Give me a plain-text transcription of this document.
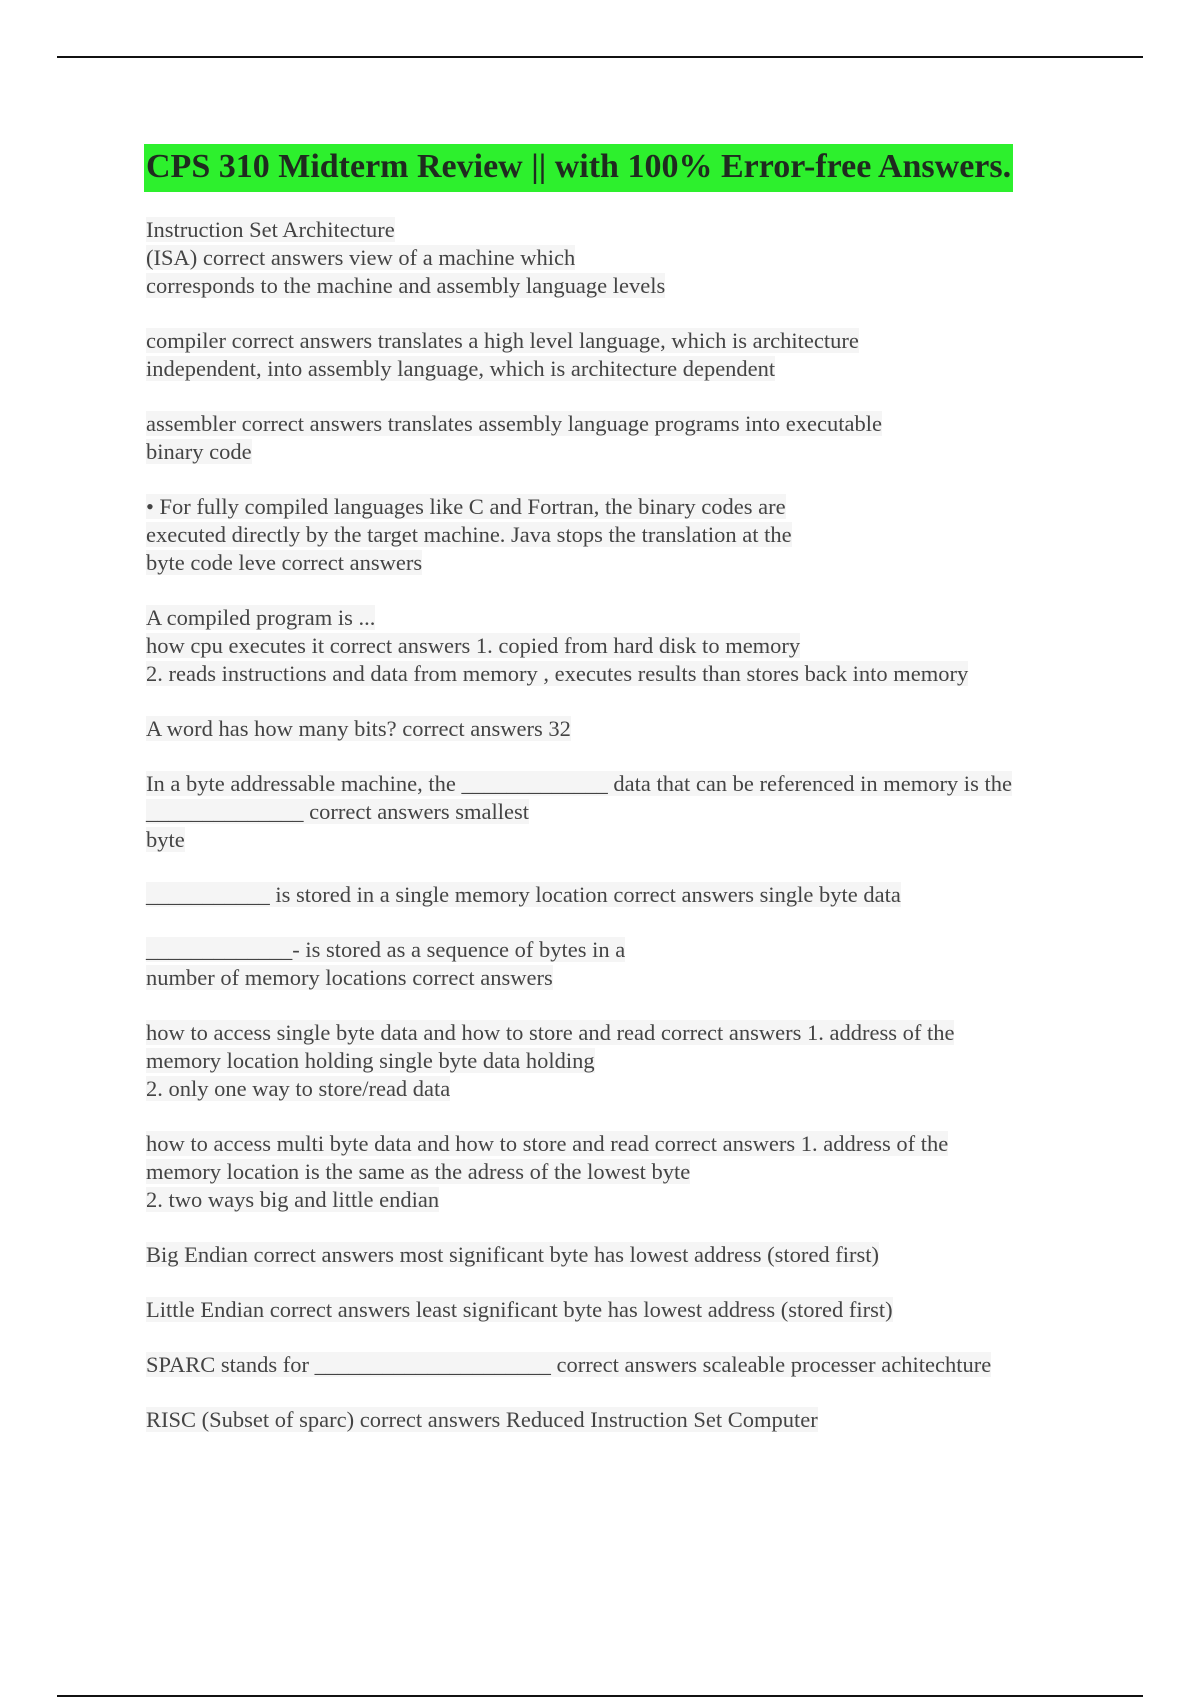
CPS 310 Midterm Review || with 100% Error-free Answers.
Instruction Set Architecture
(ISA) correct answers view of a machine which
corresponds to the machine and assembly language levels
compiler correct answers translates a high level language, which is architecture
independent, into assembly language, which is architecture dependent
assembler correct answers translates assembly language programs into executable
binary code
• For fully compiled languages like C and Fortran, the binary codes are
executed directly by the target machine. Java stops the translation at the
byte code leve correct answers
A compiled program is ...
how cpu executes it correct answers 1. copied from hard disk to memory
2. reads instructions and data from memory , executes results than stores back into memory
A word has how many bits? correct answers 32
In a byte addressable machine, the _____________ data that can be referenced in memory is the
______________ correct answers smallest
byte
___________ is stored in a single memory location correct answers single byte data
_____________- is stored as a sequence of bytes in a
number of memory locations correct answers
how to access single byte data and how to store and read correct answers 1. address of the
memory location holding single byte data holding
2. only one way to store/read data
how to access multi byte data and how to store and read correct answers 1. address of the
memory location is the same as the adress of the lowest byte
2. two ways big and little endian
Big Endian correct answers most significant byte has lowest address (stored first)
Little Endian correct answers least significant byte has lowest address (stored first)
SPARC stands for _____________________ correct answers scaleable processer achitechture
RISC (Subset of sparc) correct answers Reduced Instruction Set Computer
